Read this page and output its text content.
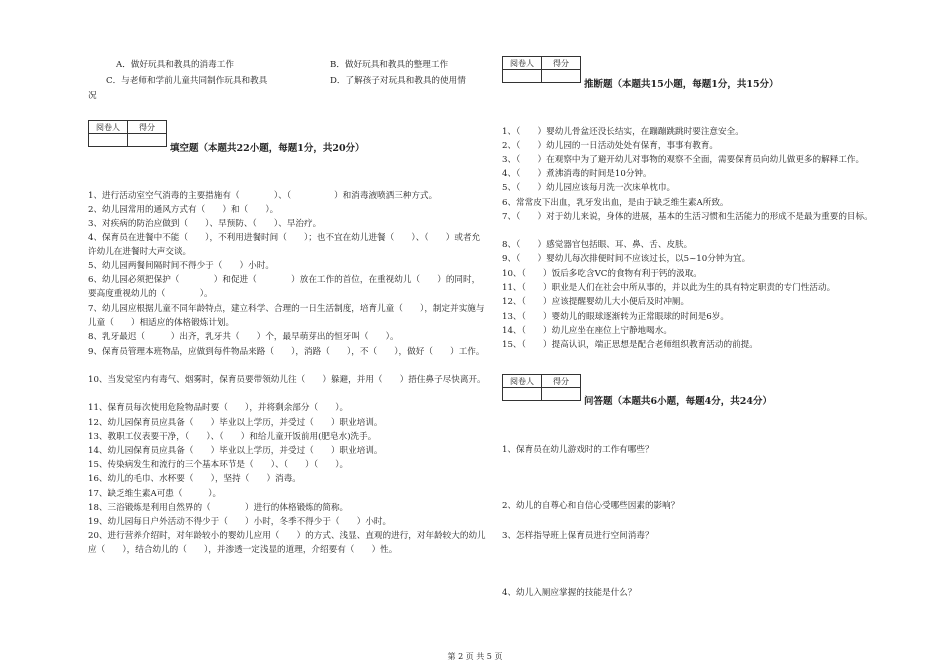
A．做好玩具和教具的消毒工作	B．做好玩具和教具的整理工作
C．与老师和学前儿童共同制作玩具和教具	D．了解孩子对玩具和教具的使用情
况
阅卷人	得分

填空题（本题共22小题，每题1分，共20分）
1、进行活动室空气消毒的主要措施有（　　　　）、（　　　　　）和消毒液喷洒三种方式。
2、幼儿园常用的通风方式有（　　）和（　　）。
3、对疾病的防治应做到（　　）、早预防、（　　）、早治疗。
4、保育员在进餐中不能（　　），不利用进餐时间（　　）；也不宜在幼儿进餐（　　）、（　　）或者允许幼儿在进餐时大声交谈。
5、幼儿园两餐间隔时间不得少于（　　）小时。
6、幼儿园必须把保护（　　　　）和促进（　　　　）放在工作的首位，在重视幼儿（　　）的同时，要高度重视幼儿的（　　　　）。
7、幼儿园应根据儿童不同年龄特点，建立科学、合理的一日生活制度，培育儿童（　　），制定并实施与儿童（　　）相适应的体格锻炼计划。
8、乳牙最迟（　　　）出齐，乳牙共（　　）个，最早萌芽出的恒牙叫（　　）。
9、保育员管理本班物品，应做到每件物品来路（　　），消路（　　），不（　　），做好（　　）工作。
10、当发觉室内有毒气、烟雾时，保育员要带领幼儿往（　　）躲避，并用（　　）捂住鼻子尽快离开。
11、保育员每次使用危险物品时要（　　），并将剩余部分（　　）。
12、幼儿园保育员应具备（　　）毕业以上学历，并受过（　　）职业培训。
13、教职工仪表要干净，（　　）、（　　）和给儿童开饭前用(肥皂水)洗手。
14、幼儿园保育员应具备（　　）毕业以上学历，并受过（　　）职业培训。
15、传染病发生和流行的三个基本环节是（　　）、（　　）（　　）。
16、幼儿的毛巾、水杯要（　　），坚持（　　）消毒。
17、缺乏维生素A可患（　　　）。
18、三浴锻炼是利用自然界的（　　　　）进行的体格锻炼的简称。
19、幼儿园每日户外活动不得少于（　　）小时，冬季不得少于（　　）小时。
20、进行营养介绍时，对年龄较小的婴幼儿应用（　　）的方式、浅显、直观的进行，对年龄较大的幼儿应（　　），结合幼儿的（　　），并渗透一定浅显的道理，介绍要有（　　）性。
阅卷人	得分

推断题（本题共15小题，每题1分，共15分）
1、（　　）婴幼儿骨盆还没长结实，在蹦蹦跳跳时要注意安全。
2、（　　）幼儿园的一日活动处处有保育，事事有教育。
3、（　　）在观察中为了避开幼儿对事物的观察不全面，需要保育员向幼儿做更多的解释工作。
4、（　　）煮沸消毒的时间是10分钟。
5、（　　）幼儿园应该每月洗一次床单枕巾。
6、常常皮下出血，乳牙发出血，是由于缺乏维生素A所致。
7、（　　）对于幼儿来说，身体的进展，基本的生活习惯和生活能力的形成不是最为重要的目标。
8、（　　）感觉器官包括眼、耳、鼻、舌、皮肤。
9、（　　）婴幼儿每次排便时间不应该过长，以5~10分钟为宜。
10、（　　）饭后多吃含VC的食物有利于钙的汲取。
11、（　　）职业是人们在社会中所从事的，并以此为生的具有特定职责的专门性活动。
12、（　　）应该提醒婴幼儿大小便后及时冲厕。
13、（　　）婴幼儿的眼球逐渐转为正常眼球的时间是6岁。
14、（　　）幼儿应坐在座位上宁静地喝水。
15、（　　）提高认识，端正思想是配合老师组织教育活动的前提。
阅卷人	得分

问答题（本题共6小题，每题4分，共24分）
1、保育员在幼儿游戏时的工作有哪些？
2、幼儿的自尊心和自信心受哪些因素的影响？
3、怎样指导班上保育员进行空间消毒？
4、幼儿入厕应掌握的技能是什么？
第 2 页 共 5 页
